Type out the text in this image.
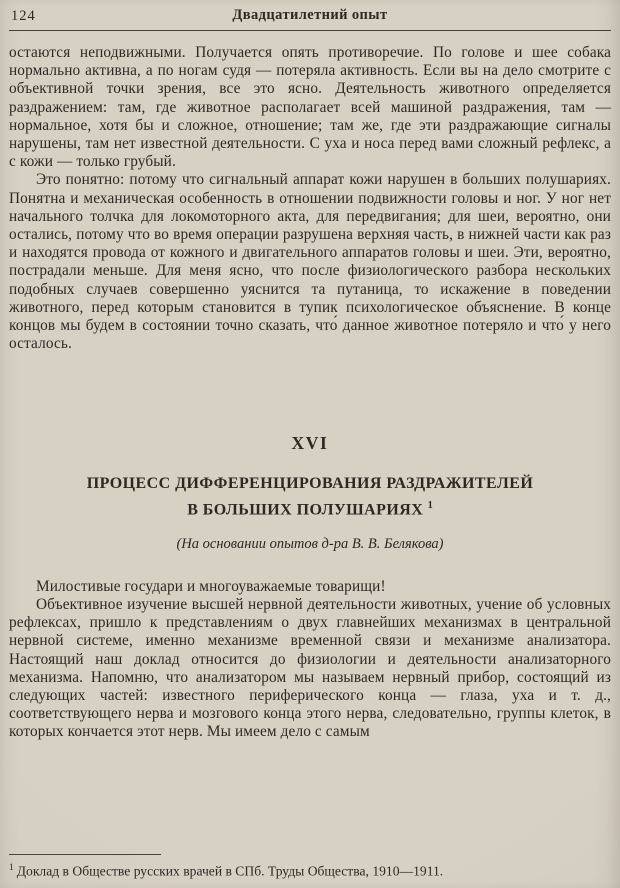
124	Двадцатилетний опыт

остаются неподвижными. Получается опять противоречие. По голове и шее собака нормально активна, а по ногам судя — потеряла активность. Если вы на дело смотрите с объективной точки зрения, все это ясно. Деятельность животного определяется раздражением: там, где животное располагает всей машиной раздражения, там — нормальное, хотя бы и сложное, отношение; там же, где эти раздражающие сигналы нарушены, там нет известной деятельности. С уха и носа перед вами сложный рефлекс, а с кожи — только грубый.

Это понятно: потому что сигнальный аппарат кожи нарушен в больших полушариях. Понятна и механическая особенность в отношении подвижности головы и ног. У ног нет начального толчка для локомоторного акта, для передвигания; для шеи, вероятно, они остались, потому что во время операции разрушена верхняя часть, в нижней части как раз и находятся провода от кожного и двигательного аппаратов головы и шеи. Эти, вероятно, пострадали меньше. Для меня ясно, что после физиологического разбора нескольких подобных случаев совершенно уяснится та путаница, то искажение в поведении животного, перед которым становится в тупик психологическое объяснение. В конце концов мы будем в состоянии точно сказать, что́ данное животное потеряло и что́ у него осталось.

XVI
ПРОЦЕСС ДИФФЕРЕНЦИРОВАНИЯ РАЗДРАЖИТЕЛЕЙ
В БОЛЬШИХ ПОЛУШАРИЯХ $^1$
(На основании опытов д-ра В. В. Белякова)

Милостивые государи и многоуважаемые товарищи!

Объективное изучение высшей нервной деятельности животных, учение об условных рефлексах, пришло к представлениям о двух главнейших механизмах в центральной нервной системе, именно механизме временной связи и механизме анализатора. Настоящий наш доклад относится до физиологии и деятельности анализаторного механизма. Напомню, что анализатором мы называем нервный прибор, состоящий из следующих частей: известного периферического конца — глаза, уха и т. д., соответствующего нерва и мозгового конца этого нерва, следовательно, группы клеток, в которых кончается этот нерв. Мы имеем дело с самым

$^1$ Доклад в Обществе русских врачей в СПб. Труды Общества, 1910—1911.
